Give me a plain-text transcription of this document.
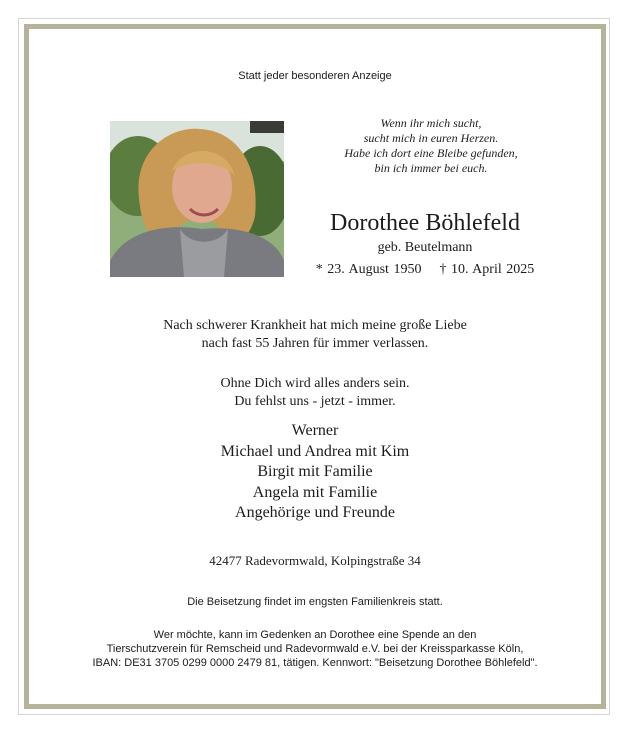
Statt jeder besonderen Anzeige
Wenn ihr mich sucht,
sucht mich in euren Herzen.
Habe ich dort eine Bleibe gefunden,
bin ich immer bei euch.
Dorothee Böhlefeld
geb. Beutelmann
* 23. August 1950 † 10. April 2025
Nach schwerer Krankheit hat mich meine große Liebe
nach fast 55 Jahren für immer verlassen.
Ohne Dich wird alles anders sein.
Du fehlst uns - jetzt - immer.
Werner
Michael und Andrea mit Kim
Birgit mit Familie
Angela mit Familie
Angehörige und Freunde
42477 Radevormwald, Kolpingstraße 34
Die Beisetzung findet im engsten Familienkreis statt.
Wer möchte, kann im Gedenken an Dorothee eine Spende an den
Tierschutzverein für Remscheid und Radevormwald e.V. bei der Kreissparkasse Köln,
IBAN: DE31 3705 0299 0000 2479 81, tätigen. Kennwort: "Beisetzung Dorothee Böhlefeld".
